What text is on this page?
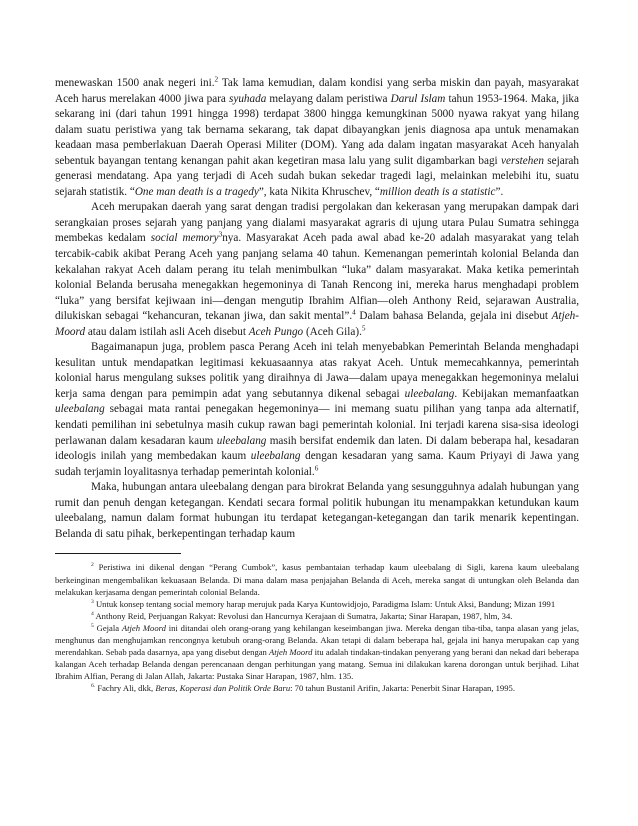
menewaskan 1500 anak negeri ini.$^2$ Tak lama kemudian, dalam kondisi yang serba miskin dan payah, masyarakat Aceh harus merelakan 4000 jiwa para syuhada melayang dalam peristiwa Darul Islam tahun 1953-1964. Maka, jika sekarang ini (dari tahun 1991 hingga 1998) terdapat 3800 hingga kemungkinan 5000 nyawa rakyat yang hilang dalam suatu peristiwa yang tak bernama sekarang, tak dapat dibayangkan jenis diagnosa apa untuk menamakan keadaan masa pemberlakuan Daerah Operasi Militer (DOM). Yang ada dalam ingatan masyarakat Aceh hanyalah sebentuk bayangan tentang kenangan pahit akan kegetiran masa lalu yang sulit digambarkan bagi verstehen sejarah generasi mendatang. Apa yang terjadi di Aceh sudah bukan sekedar tragedi lagi, melainkan melebihi itu, suatu sejarah statistik. “One man death is a tragedy”, kata Nikita Khruschev, “million death is a statistic”.

Aceh merupakan daerah yang sarat dengan tradisi pergolakan dan kekerasan yang merupakan dampak dari serangkaian proses sejarah yang panjang yang dialami masyarakat agraris di ujung utara Pulau Sumatra sehingga membekas kedalam social memory$^3$nya. Masyarakat Aceh pada awal abad ke-20 adalah masyarakat yang telah tercabik-cabik akibat Perang Aceh yang panjang selama 40 tahun. Kemenangan pemerintah kolonial Belanda dan kekalahan rakyat Aceh dalam perang itu telah menimbulkan “luka” dalam masyarakat. Maka ketika pemerintah kolonial Belanda berusaha menegakkan hegemoninya di Tanah Rencong ini, mereka harus menghadapi problem “luka” yang bersifat kejiwaan ini—dengan mengutip Ibrahim Alfian—oleh Anthony Reid, sejarawan Australia, dilukiskan sebagai “kehancuran, tekanan jiwa, dan sakit mental”.$^4$ Dalam bahasa Belanda, gejala ini disebut Atjeh-Moord atau dalam istilah asli Aceh disebut Aceh Pungo (Aceh Gila).$^5$

Bagaimanapun juga, problem pasca Perang Aceh ini telah menyebabkan Pemerintah Belanda menghadapi kesulitan untuk mendapatkan legitimasi kekuasaannya atas rakyat Aceh. Untuk memecahkannya, pemerintah kolonial harus mengulang sukses politik yang diraihnya di Jawa—dalam upaya menegakkan hegemoninya melalui kerja sama dengan para pemimpin adat yang sebutannya dikenal sebagai uleebalang. Kebijakan memanfaatkan uleebalang sebagai mata rantai penegakan hegemoninya— ini memang suatu pilihan yang tanpa ada alternatif, kendati pemilihan ini sebetulnya masih cukup rawan bagi pemerintah kolonial. Ini terjadi karena sisa-sisa ideologi perlawanan dalam kesadaran kaum uleebalang masih bersifat endemik dan laten. Di dalam beberapa hal, kesadaran ideologis inilah yang membedakan kaum uleebalang dengan kesadaran yang sama. Kaum Priyayi di Jawa yang sudah terjamin loyalitasnya terhadap pemerintah kolonial.$^6$

Maka, hubungan antara uleebalang dengan para birokrat Belanda yang sesungguhnya adalah hubungan yang rumit dan penuh dengan ketegangan. Kendati secara formal politik hubungan itu menampakkan ketundukan kaum uleebalang, namun dalam format hubungan itu terdapat ketegangan-ketegangan dan tarik menarik kepentingan. Belanda di satu pihak, berkepentingan terhadap kaum

$^2$ Peristiwa ini dikenal dengan “Perang Cumbok”, kasus pembantaian terhadap kaum uleebalang di Sigli, karena kaum uleebalang berkeinginan mengembalikan kekuasaan Belanda. Di mana dalam masa penjajahan Belanda di Aceh, mereka sangat di untungkan oleh Belanda dan melakukan kerjasama dengan pemerintah colonial Belanda.

$^3$ Untuk konsep tentang social memory harap merujuk pada Karya Kuntowidjojo, Paradigma Islam: Untuk Aksi, Bandung; Mizan 1991

$^4$ Anthony Reid, Perjuangan Rakyat: Revolusi dan Hancurnya Kerajaan di Sumatra, Jakarta; Sinar Harapan, 1987, hlm, 34.

$^5$ Gejala Atjeh Moord ini ditandai oleh orang-orang yang kehilangan keseimbangan jiwa. Mereka dengan tiba-tiba, tanpa alasan yang jelas, menghunus dan menghujamkan rencongnya ketubuh orang-orang Belanda. Akan tetapi di dalam beberapa hal, gejala ini hanya merupakan cap yang merendahkan. Sebab pada dasarnya, apa yang disebut dengan Atjeh Moord itu adalah tindakan-tindakan penyerang yang berani dan nekad dari beberapa kalangan Aceh terhadap Belanda dengan perencanaan dengan perhitungan yang matang. Semua ini dilakukan karena dorongan untuk berjihad. Lihat Ibrahim Alfian, Perang di Jalan Allah, Jakarta: Pustaka Sinar Harapan, 1987, hlm. 135.

$^{6.}$ Fachry Ali, dkk, Beras, Koperasi dan Politik Orde Baru: 70 tahun Bustanil Arifin, Jakarta: Penerbit Sinar Harapan, 1995.
